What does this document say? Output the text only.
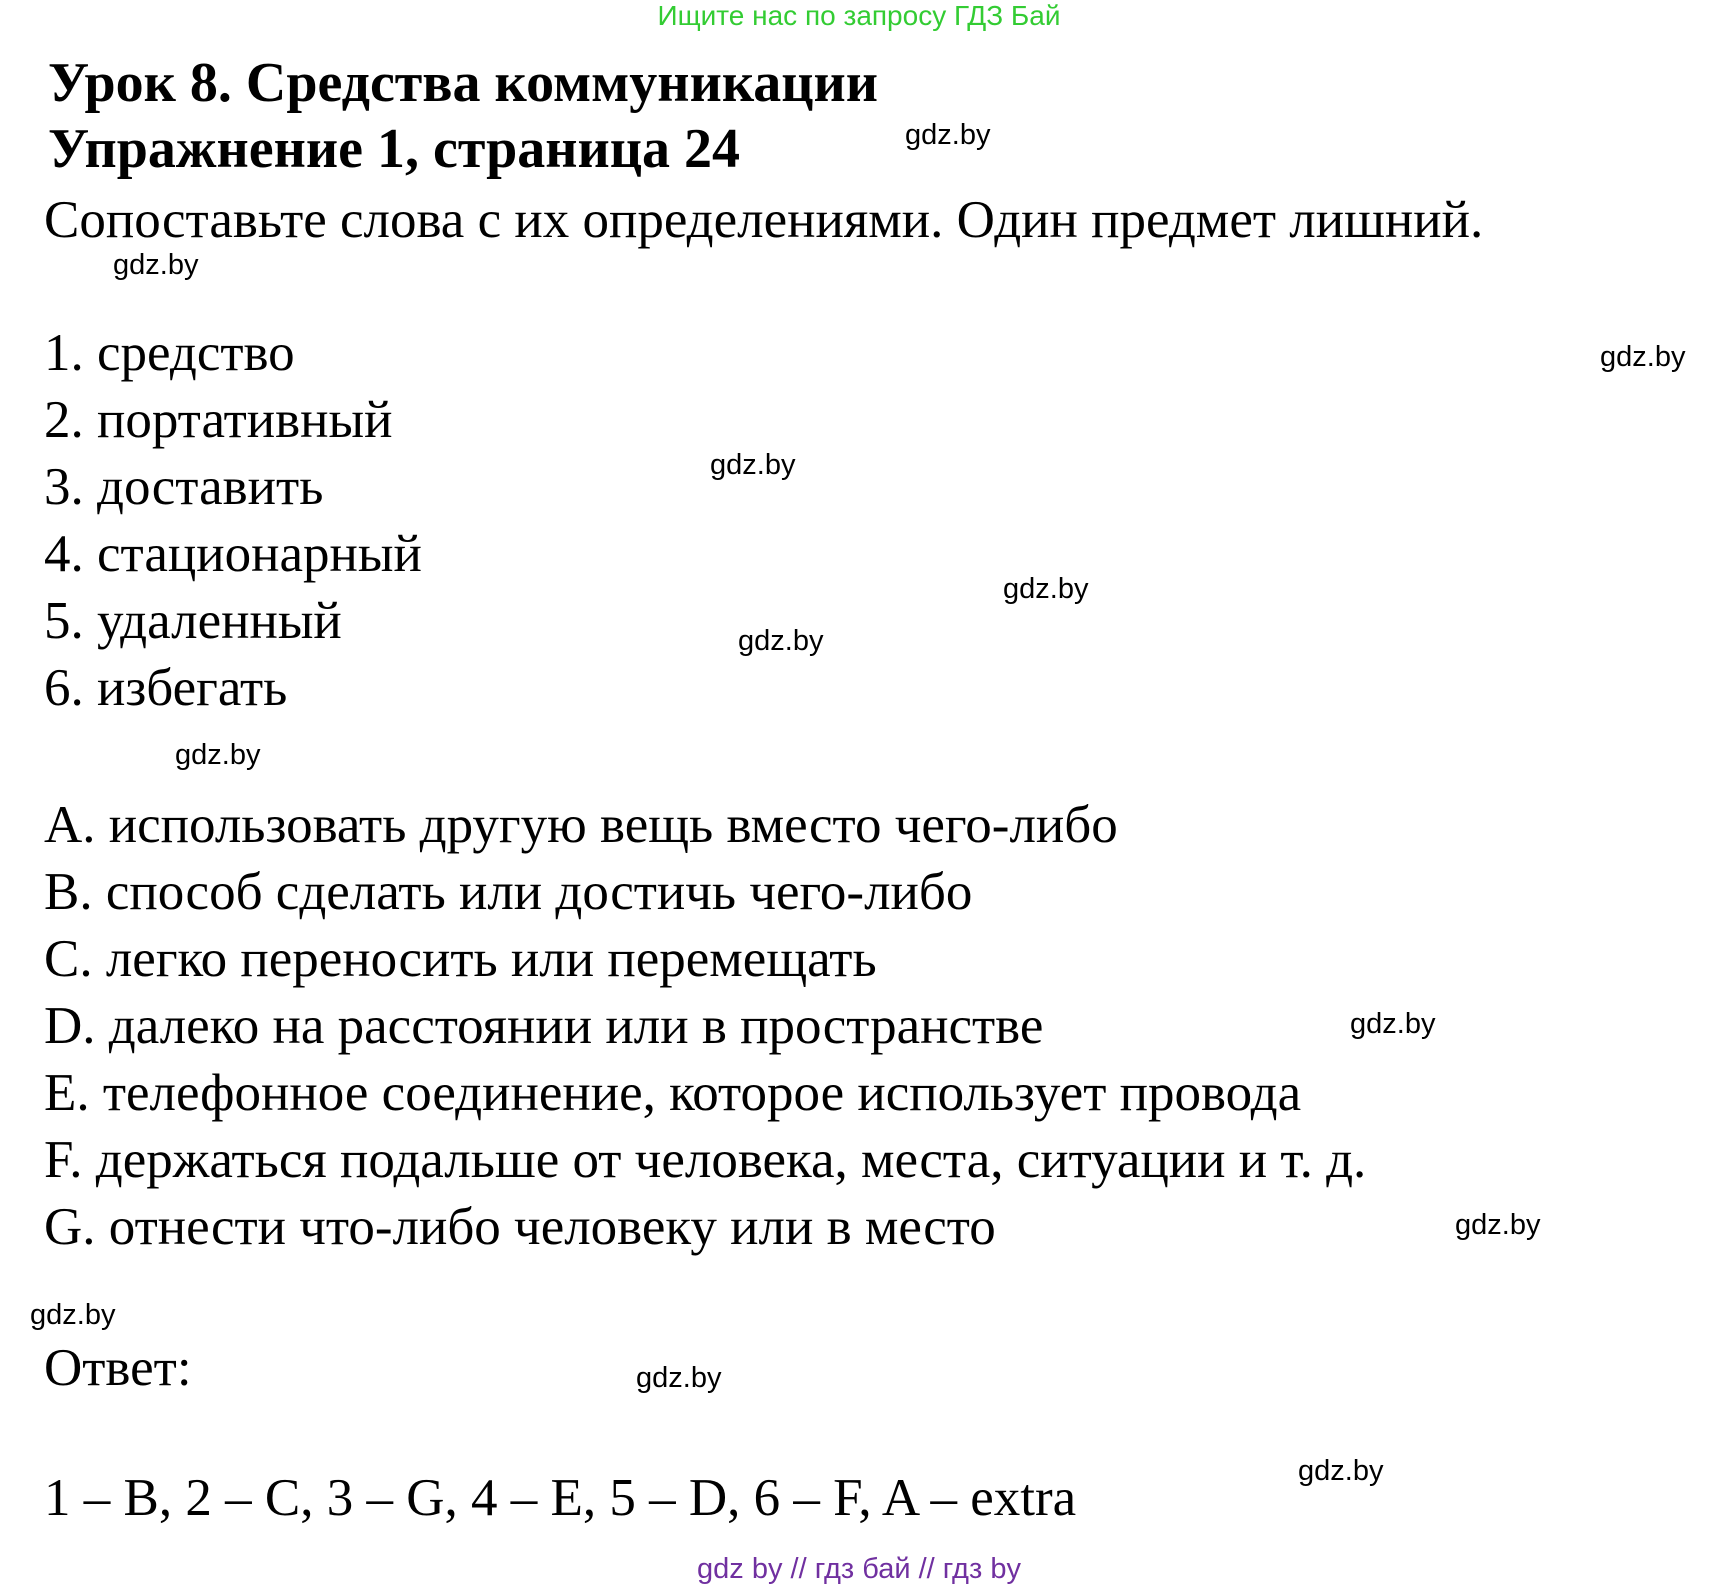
Ищите нас по запросу ГДЗ Бай
Урок 8. Средства коммуникации
Упражнение 1, страница 24
Сопоставьте слова с их определениями. Один предмет лишний.
1. средство
2. портативный
3. доставить
4. стационарный
5. удаленный
6. избегать
A. использовать другую вещь вместо чего-либо
B. способ сделать или достичь чего-либо
C. легко переносить или перемещать
D. далеко на расстоянии или в пространстве
E. телефонное соединение, которое использует провода
F. держаться подальше от человека, места, ситуации и т. д.
G. отнести что-либо человеку или в место
Ответ:
1 – B, 2 – C, 3 – G, 4 – E, 5 – D, 6 – F, A – extra
gdz.by
gdz.by
gdz.by
gdz.by
gdz.by
gdz.by
gdz.by
gdz.by
gdz.by
gdz.by
gdz.by
gdz.by
gdz by // гдз бай // гдз by
